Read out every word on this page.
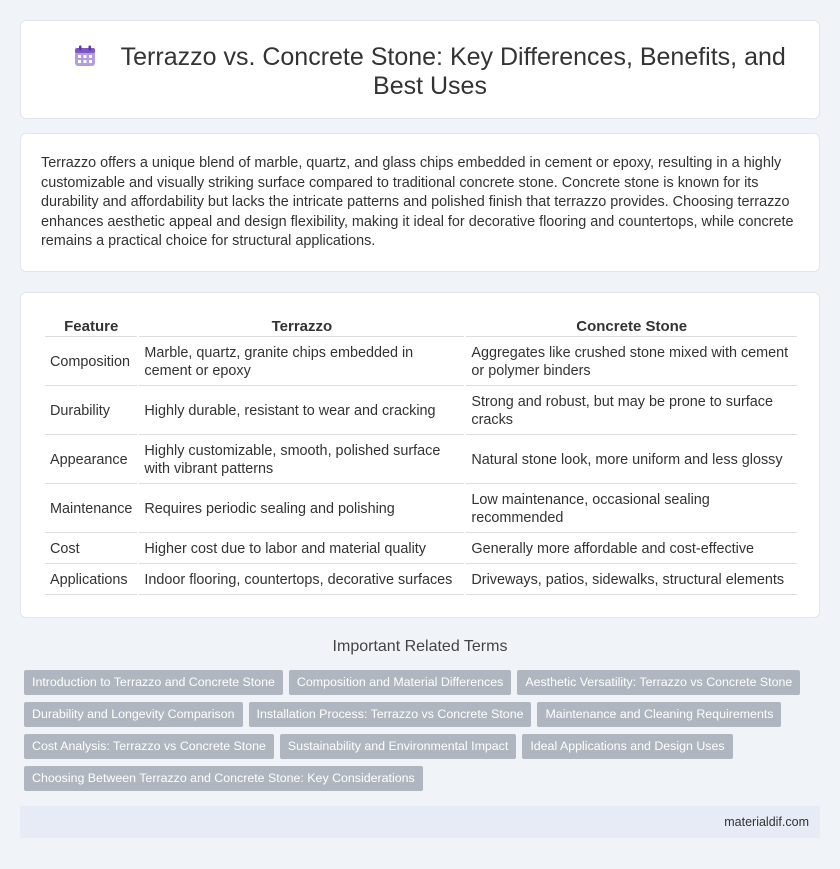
Terrazzo vs. Concrete Stone: Key Differences, Benefits, and Best Uses

Terrazzo offers a unique blend of marble, quartz, and glass chips embedded in cement or epoxy, resulting in a highly customizable and visually striking surface compared to traditional concrete stone. Concrete stone is known for its durability and affordability but lacks the intricate patterns and polished finish that terrazzo provides. Choosing terrazzo enhances aesthetic appeal and design flexibility, making it ideal for decorative flooring and countertops, while concrete remains a practical choice for structural applications.

Feature	Terrazzo	Concrete Stone
Composition	Marble, quartz, granite chips embedded in cement or epoxy	Aggregates like crushed stone mixed with cement or polymer binders
Durability	Highly durable, resistant to wear and cracking	Strong and robust, but may be prone to surface cracks
Appearance	Highly customizable, smooth, polished surface with vibrant patterns	Natural stone look, more uniform and less glossy
Maintenance	Requires periodic sealing and polishing	Low maintenance, occasional sealing recommended
Cost	Higher cost due to labor and material quality	Generally more affordable and cost-effective
Applications	Indoor flooring, countertops, decorative surfaces	Driveways, patios, sidewalks, structural elements
Important Related Terms
Introduction to Terrazzo and Concrete Stone Composition and Material Differences Aesthetic Versatility: Terrazzo vs Concrete Stone
Durability and Longevity Comparison Installation Process: Terrazzo vs Concrete Stone Maintenance and Cleaning Requirements
Cost Analysis: Terrazzo vs Concrete Stone Sustainability and Environmental Impact Ideal Applications and Design Uses
Choosing Between Terrazzo and Concrete Stone: Key Considerations
materialdif.com
